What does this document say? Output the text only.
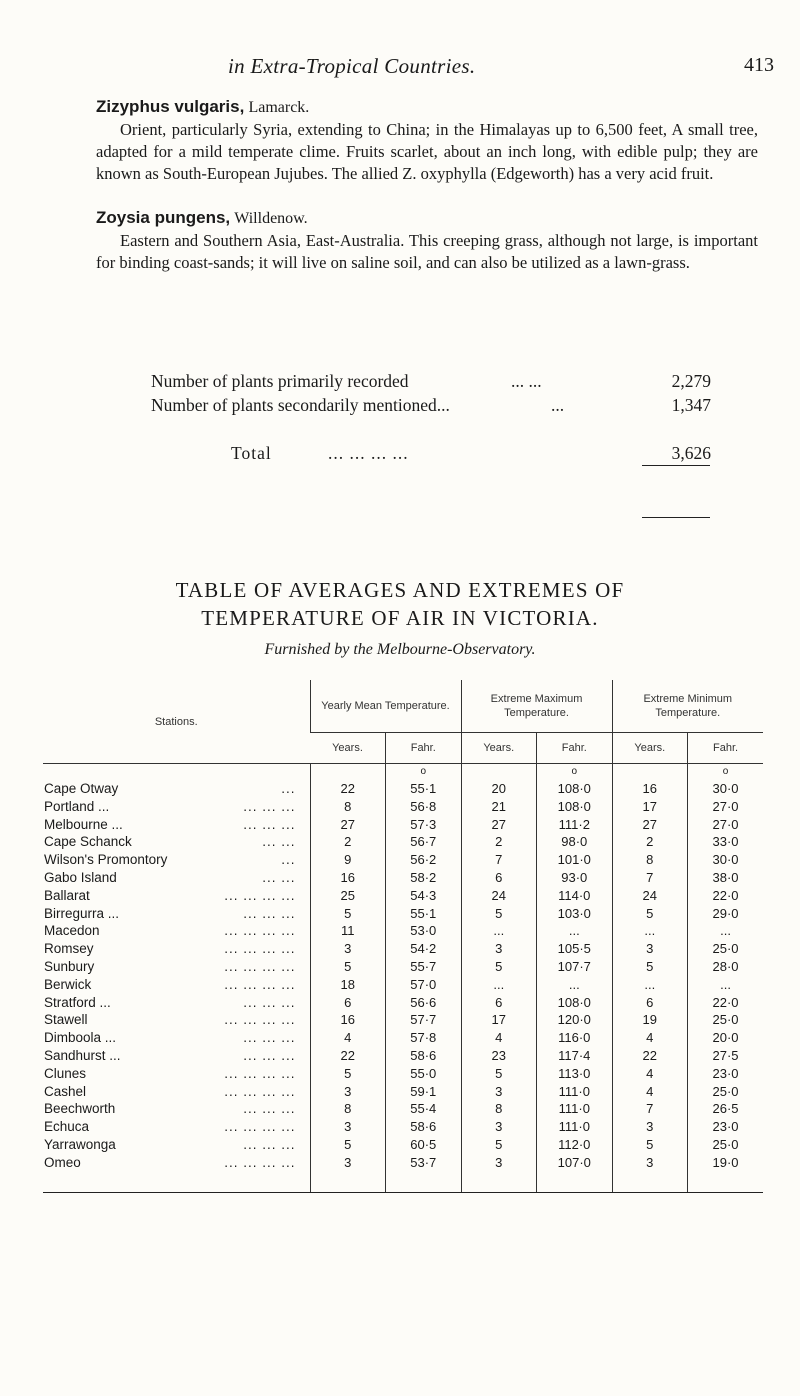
in Extra-Tropical Countries.	413
Zizyphus vulgaris, Lamarck.

Orient, particularly Syria, extending to China; in the Himalayas up to 6,500 feet, A small tree, adapted for a mild temperate clime. Fruits scarlet, about an inch long, with edible pulp; they are known as South-European Jujubes. The allied Z. oxyphylla (Edgeworth) has a very acid fruit.

Zoysia pungens, Willdenow.

Eastern and Southern Asia, East-Australia. This creeping grass, although not large, is important for binding coast-sands; it will live on saline soil, and can also be utilized as a lawn-grass.

Number of plants primarily recorded	... ...	2,279
Number of plants secondarily mentioned...	...	1,347
Total	... ... ... ...	3,626
TABLE OF AVERAGES AND EXTREMES OF
TEMPERATURE OF AIR IN VICTORIA.
Furnished by the Melbourne-Observatory.
Stations.	Yearly Mean Temperature.		Extreme Maximum Temperature.		Extreme Minimum Temperature.	
	Years.	Fahr.	Years.	Fahr.	Years.	Fahr.
		o		o		o
Cape Otway ...	22	55·1	20	108·0	16	30·0
Portland ... ... ... ...	8	56·8	21	108·0	17	27·0
Melbourne ... ... ... ...	27	57·3	27	111·2	27	27·0
Cape Schanck ... ...	2	56·7	2	98·0	2	33·0
Wilson's Promontory ...	9	56·2	7	101·0	8	30·0
Gabo Island ... ...	16	58·2	6	93·0	7	38·0
Ballarat ... ... ... ...	25	54·3	24	114·0	24	22·0
Birregurra ... ... ... ...	5	55·1	5	103·0	5	29·0
Macedon ... ... ... ...	11	53·0	...	...	...	...
Romsey ... ... ... ...	3	54·2	3	105·5	3	25·0
Sunbury ... ... ... ...	5	55·7	5	107·7	5	28·0
Berwick ... ... ... ...	18	57·0	...	...	...	...
Stratford ... ... ... ...	6	56·6	6	108·0	6	22·0
Stawell ... ... ... ...	16	57·7	17	120·0	19	25·0
Dimboola ... ... ... ...	4	57·8	4	116·0	4	20·0
Sandhurst ... ... ... ...	22	58·6	23	117·4	22	27·5
Clunes ... ... ... ...	5	55·0	5	113·0	4	23·0
Cashel ... ... ... ...	3	59·1	3	111·0	4	25·0
Beechworth ... ... ...	8	55·4	8	111·0	7	26·5
Echuca ... ... ... ...	3	58·6	3	111·0	3	23·0
Yarrawonga ... ... ...	5	60·5	5	112·0	5	25·0
Omeo ... ... ... ...	3	53·7	3	107·0	3	19·0
